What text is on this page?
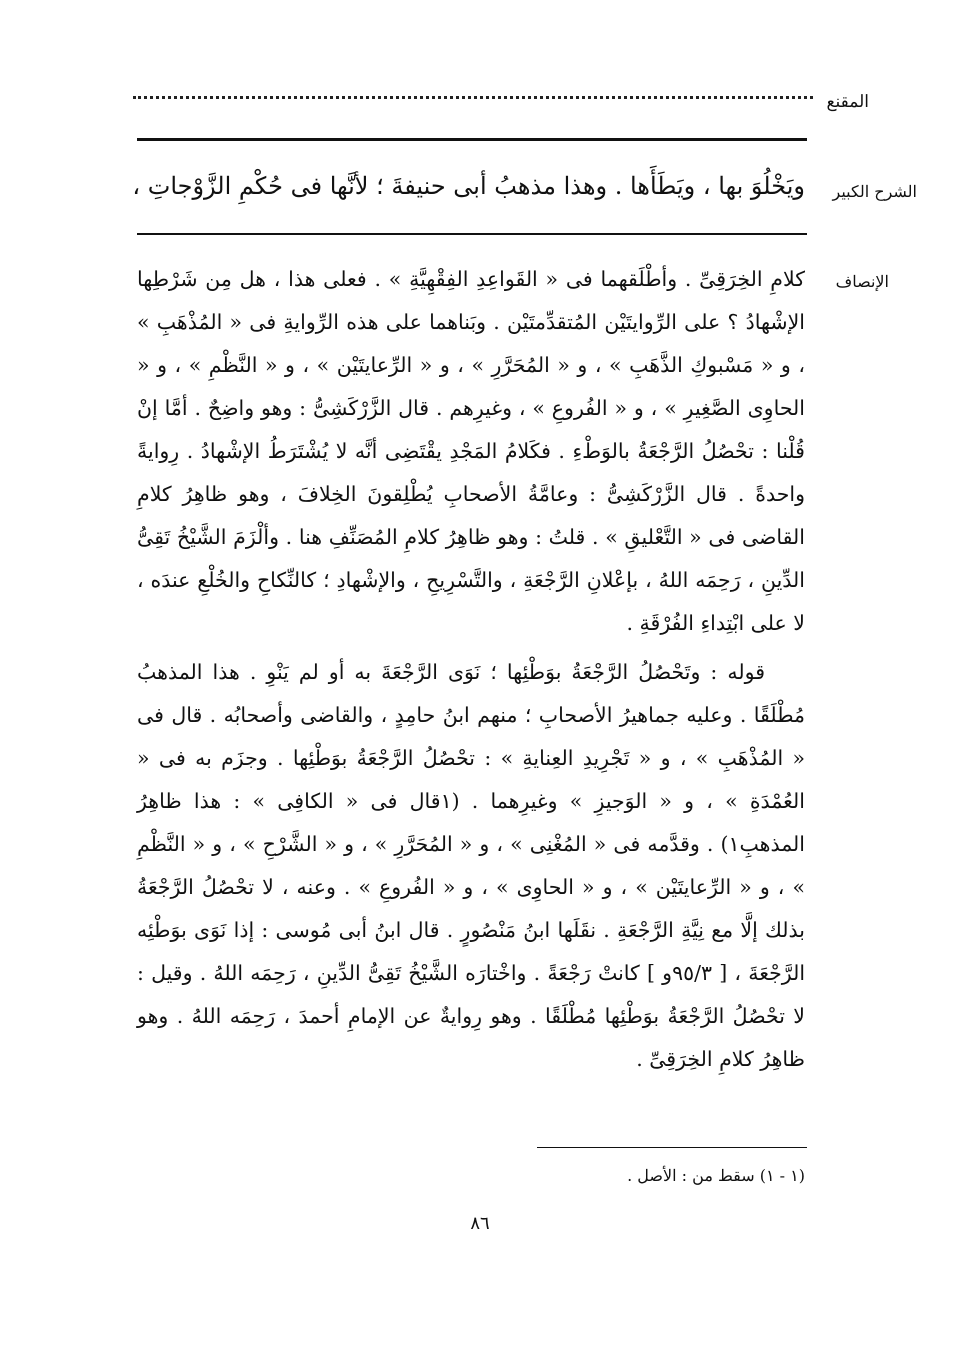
المقنع
الشرح الكبير
ويَخْلُوَ بها ، ويَطَأَها . وهذا مذهبُ أبى حنيفةَ ؛ لأنَّها فى حُكْمِ الزَّوْجاتِ ،
الإنصاف

كلامِ الخِرَقِىِّ . وأطْلَقهما فى « القَواعِدِ الفِقْهِيَّةِ » . فعلى هذا ، هل مِن شَرْطِها الإشْهادُ ؟ على الرِّوايتَيْن المُتقدِّمتَيْن . وبَناهما على هذه الرِّوايةِ فى « المُذْهَبِ » ، و « مَسْبوكِ الذَّهَبِ » ، و « المُحَرَّرِ » ، و « الرِّعايتَيْن » ، و « النَّظْمِ » ، و « الحاوِى الصَّغِيرِ » ، و « الفُروعِ » ، وغيرِهم . قال الزَّرْكَشِىُّ : وهو واضِحٌ . أمَّا إنْ قُلْنا : تحْصُلُ الرَّجْعَةُ بالوَطْءِ . فكَلامُ المَجْدِ يقْتَضِى أنَّه لا يُشْتَرَطُ الإشْهادُ . رِوايةً واحدةً . قال الزَّرْكَشِىُّ : وعامَّةُ الأصحابِ يُطْلِقونَ الخِلافَ ، وهو ظاهِرُ كلامِ القاضى فى « التَّعْليقِ » . قلتُ : وهو ظاهِرُ كلامِ المُصَنِّفِ هنا . وألْزَمَ الشَّيْخُ تَقِىُّ الدِّينِ ، رَحِمَه اللهُ ، بإعْلانِ الرَّجْعَةِ ، والتَّسْرِيحِ ، والإشْهادِ ؛ كالنِّكاحِ والخُلْعِ عندَه ، لا على ابْتِداءِ الفُرْقَةِ .

قوله : وتَحْصُلُ الرَّجْعَةُ بوَطْئِها ؛ نَوَى الرَّجْعَةَ به أو لم يَنْوِ . هذا المذهبُ مُطْلَقًا . وعليه جماهيرُ الأصحابِ ؛ منهم ابنُ حامِدٍ ، والقاضى وأصحابُه . قال فى « المُذْهَبِ » ، و « تَجْرِيدِ العِنايةِ » : تحْصُلُ الرَّجْعَةُ بوَطْئِها . وجزَم به فى « العُمْدَةِ » ، و « الوَجيزِ » وغيرِهما . (١قال فى « الكافِى » : هذا ظاهِرُ المذهبِ١) . وقدَّمه فى « المُغْنِى » ، و « المُحَرَّرِ » ، و « الشَّرْحِ » ، و « النَّظْمِ » ، و « الرِّعايتَيْن » ، و « الحاوِى » ، و « الفُروعِ » . وعنه ، لا تحْصُلُ الرَّجْعَةُ بذلك إلَّا مع نِيَّةِ الرَّجْعَةِ . نقَلَها ابنُ مَنْصُورٍ . قال ابنُ أبى مُوسى : إذا نَوَى بوَطْئِه الرَّجْعَةَ ، [ ٩٥/٣و ] كانتْ رَجْعَةً . واخْتارَه الشَّيْخُ تَقِىُّ الدِّينِ ، رَحِمَه اللهُ . وقيل : لا تحْصُلُ الرَّجْعَةُ بوَطْئِها مُطْلَقًا . وهو رِوايةٌ عن الإمامِ أحمدَ ، رَحِمَه اللهُ . وهو ظاهِرُ كلامِ الخِرَقِىِّ .

(١ - ١) سقط من : الأصل .
٨٦
